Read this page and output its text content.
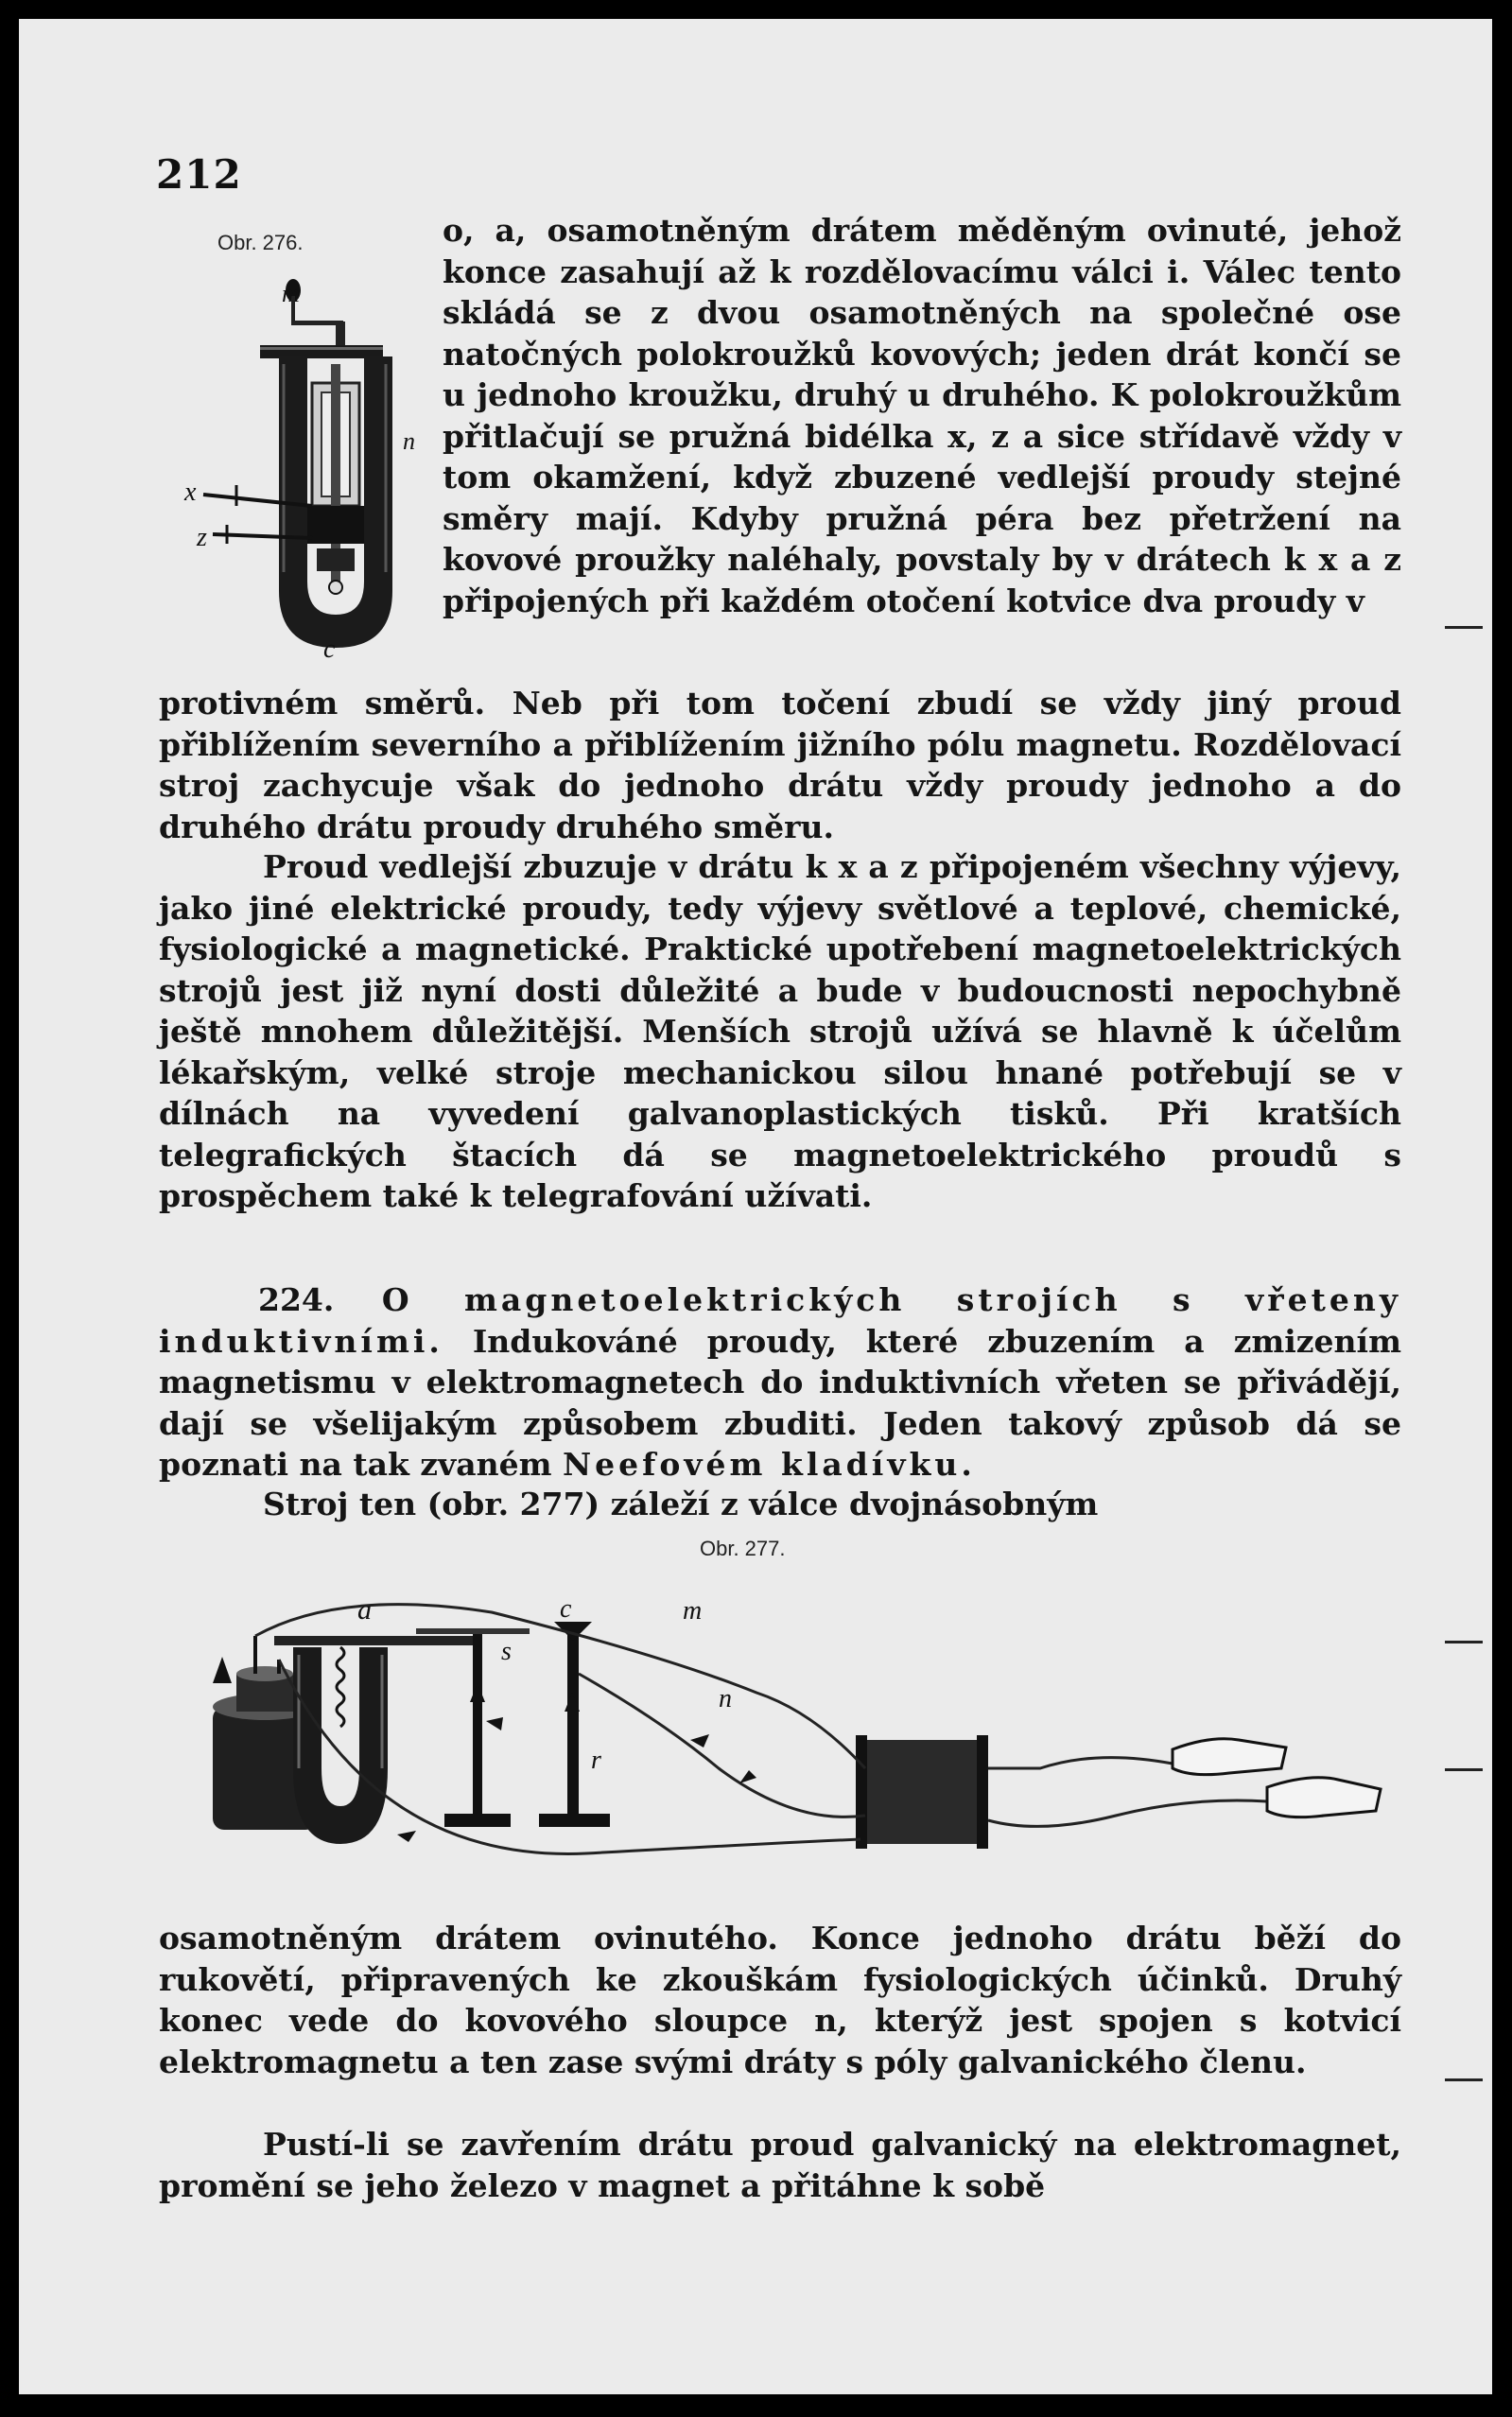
212
Obr. 276.
m
x
z
n
c

o, a, osamotněným drátem měděným ovinuté, jehož konce zasahují až k rozdělovacímu válci i. Válec tento skládá se z dvou osamotněných na společné ose natočných polokroužků kovových; jeden drát končí se u jednoho kroužku, druhý u druhého. K polokroužkům přitlačují se pružná bidélka x, z a sice střídavě vždy v tom okamžení, když zbuzené vedlejší proudy stejné směry mají. Kdyby pružná péra bez přetržení na kovové proužky naléhaly, povstaly by v drátech k x a z připojených při každém otočení kotvice dva proudy v

protivném směrů. Neb při tom točení zbudí se vždy jiný proud přiblížením severního a přiblížením jižního pólu magnetu. Rozdělovací stroj zachycuje však do jednoho drátu vždy proudy jednoho a do druhého drátu proudy druhého směru.

Proud vedlejší zbuzuje v drátu k x a z připojeném všechny výjevy, jako jiné elektrické proudy, tedy výjevy světlové a teplové, chemické, fysiologické a magnetické. Praktické upotřebení magnetoelektrických strojů jest již nyní dosti důležité a bude v budoucnosti nepochybně ještě mnohem důležitější. Menších strojů užívá se hlavně k účelům lékařským, velké stroje mechanickou silou hnané potřebují se v dílnách na vyvedení galvanoplastických tisků. Při kratších telegrafických štacích dá se magnetoelektrického proudů s prospěchem také k telegrafování užívati.

224. O magnetoelektrických strojích s vřeteny induktivními. Indukováné proudy, které zbuzením a zmizením magnetismu v elektromagnetech do induktivních vřeten se přivádějí, dají se všelijakým způsobem zbuditi. Jeden takový způsob dá se poznati na tak zvaném Neefovém kladívku.

Stroj ten (obr. 277) záleží z válce dvojnásobným

Obr. 277.
a
s
c	m
n
r

osamotněným drátem ovinutého. Konce jednoho drátu běží do rukovětí, připravených ke zkouškám fysiologických účinků. Druhý konec vede do kovového sloupce n, kterýž jest spojen s kotvicí elektromagnetu a ten zase svými dráty s póly galvanického členu.

Pustí-li se zavřením drátu proud galvanický na elektromagnet, promění se jeho železo v magnet a přitáhne k sobě
